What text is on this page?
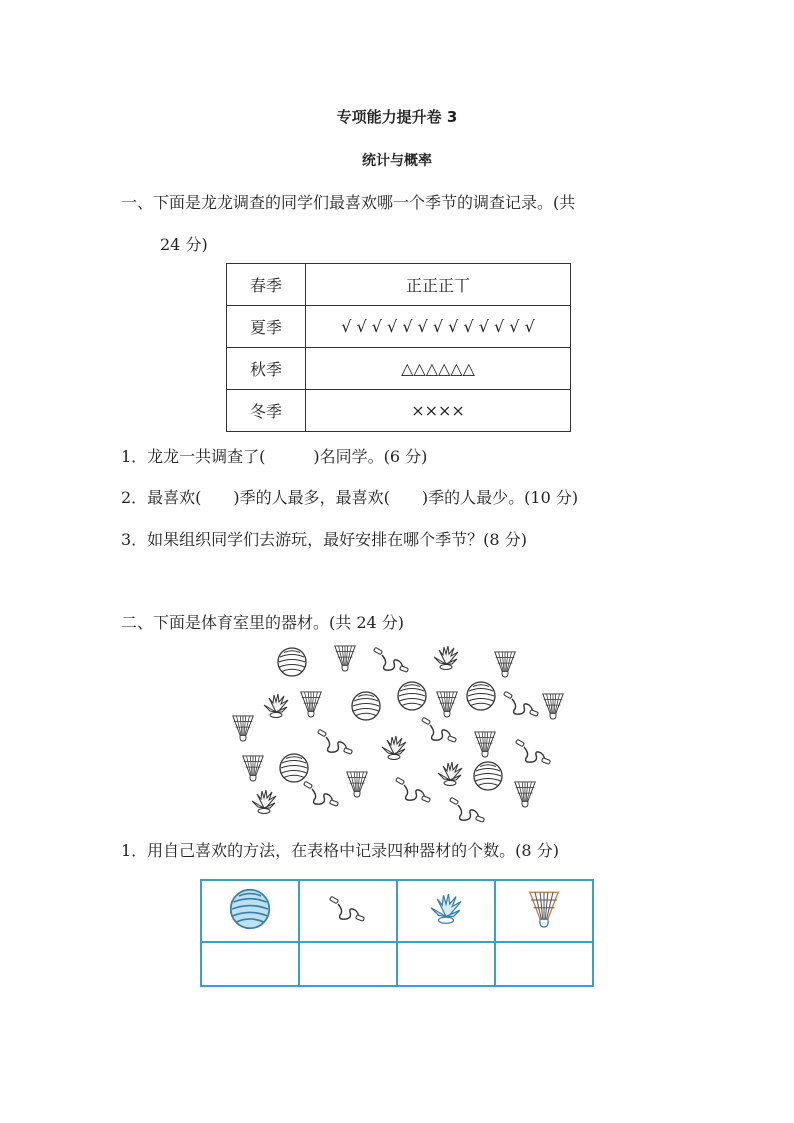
专项能力提升卷 3
统计与概率
一、下面是龙龙调查的同学们最喜欢哪一个季节的调查记录。(共
24 分)
春季	正正正丅
夏季	√ √ √ √ √ √ √ √ √ √ √ √ √
秋季	△△△△△△
冬季	××××
1．龙龙一共调查了(　　　)名同学。(6 分)
2．最喜欢(　　)季的人最多，最喜欢(　　)季的人最少。(10 分)
3．如果组织同学们去游玩，最好安排在哪个季节？(8 分)
二、下面是体育室里的器材。(共 24 分)
1．用自己喜欢的方法，在表格中记录四种器材的个数。(8 分)
